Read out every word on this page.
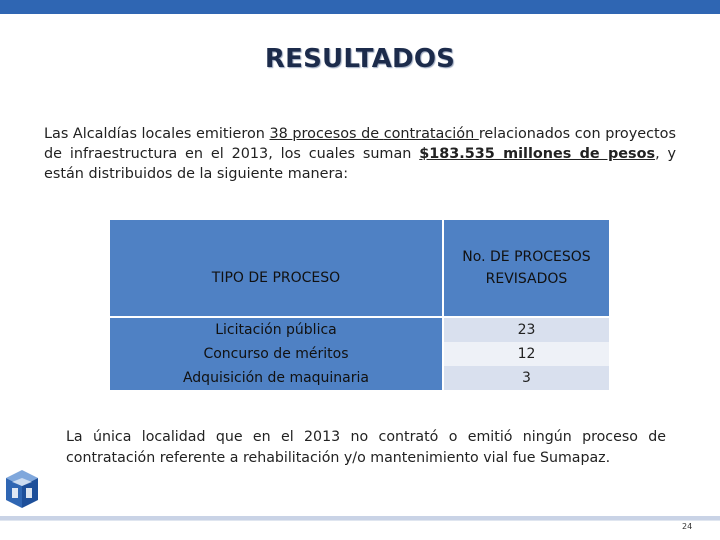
RESULTADOS
Las Alcaldías locales emitieron 38 procesos de contratación relacionados con proyectos de infraestructura en el 2013, los cuales suman $183.535 millones de pesos, y están distribuidos de la siguiente manera:
TIPO DE PROCESO	No. DE PROCESOS
REVISADOS
Licitación pública	23
Concurso de méritos	12
Adquisición de maquinaria	3
La única localidad que en el 2013 no contrató o emitió ningún proceso de contratación referente a rehabilitación y/o mantenimiento vial fue Sumapaz.
24
